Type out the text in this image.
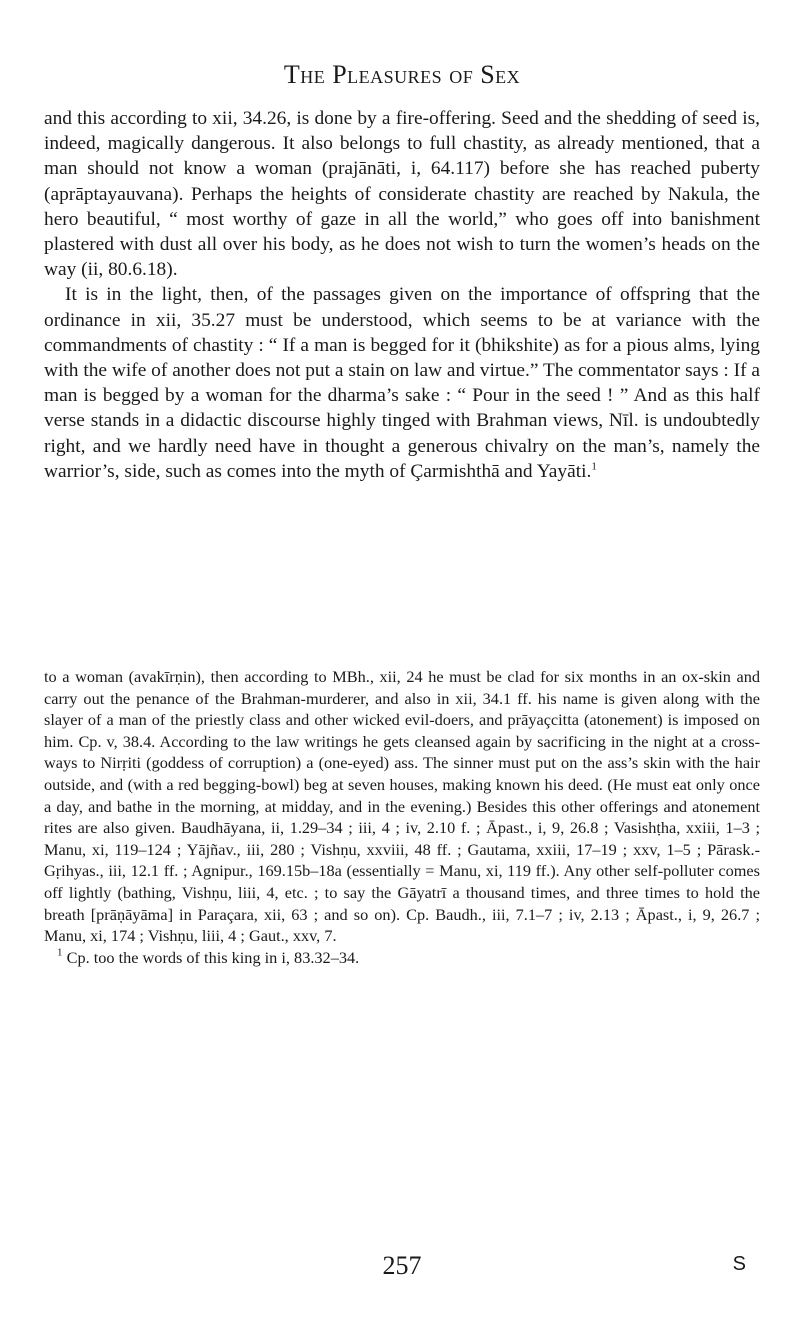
The Pleasures of Sex

and this according to xii, 34.26, is done by a fire-offering. Seed and the shedding of seed is, indeed, magically dangerous. It also belongs to full chastity, as already mentioned, that a man should not know a woman (prajānāti, i, 64.117) before she has reached puberty (aprāptayauvana). Perhaps the heights of considerate chastity are reached by Nakula, the hero beautiful, “ most worthy of gaze in all the world,” who goes off into banishment plastered with dust all over his body, as he does not wish to turn the women’s heads on the way (ii, 80.6.18).

It is in the light, then, of the passages given on the importance of offspring that the ordinance in xii, 35.27 must be understood, which seems to be at variance with the commandments of chastity : “ If a man is begged for it (bhikshite) as for a pious alms, lying with the wife of another does not put a stain on law and virtue.” The commentator says : If a man is begged by a woman for the dharma’s sake : “ Pour in the seed ! ” And as this half verse stands in a didactic discourse highly tinged with Brahman views, Nīl. is undoubtedly right, and we hardly need have in thought a generous chivalry on the man’s, namely the warrior’s, side, such as comes into the myth of Çarmishthā and Yayāti.$^1$

to a woman (avakīrṇin), then according to MBh., xii, 24 he must be clad for six months in an ox-skin and carry out the penance of the Brahman-murderer, and also in xii, 34.1 ff. his name is given along with the slayer of a man of the priestly class and other wicked evil-doers, and prāyaçcitta (atonement) is imposed on him. Cp. v, 38.4. According to the law writings he gets cleansed again by sacrificing in the night at a cross-ways to Nirṛiti (goddess of corruption) a (one-eyed) ass. The sinner must put on the ass’s skin with the hair outside, and (with a red begging-bowl) beg at seven houses, making known his deed. (He must eat only once a day, and bathe in the morning, at midday, and in the evening.) Besides this other offerings and atonement rites are also given. Baudhāyana, ii, 1.29–34 ; iii, 4 ; iv, 2.10 f. ; Āpast., i, 9, 26.8 ; Vasishṭha, xxiii, 1–3 ; Manu, xi, 119–124 ; Yājñav., iii, 280 ; Vishṇu, xxviii, 48 ff. ; Gautama, xxiii, 17–19 ; xxv, 1–5 ; Pārask.-Gṛihyas., iii, 12.1 ff. ; Agnipur., 169.15b–18a (essentially = Manu, xi, 119 ff.). Any other self-polluter comes off lightly (bathing, Vishṇu, liii, 4, etc. ; to say the Gāyatrī a thousand times, and three times to hold the breath [prāṇāyāma] in Paraçara, xii, 63 ; and so on). Cp. Baudh., iii, 7.1–7 ; iv, 2.13 ; Āpast., i, 9, 26.7 ; Manu, xi, 174 ; Vishṇu, liii, 4 ; Gaut., xxv, 7.

$^1$ Cp. too the words of this king in i, 83.32–34.

257	S
